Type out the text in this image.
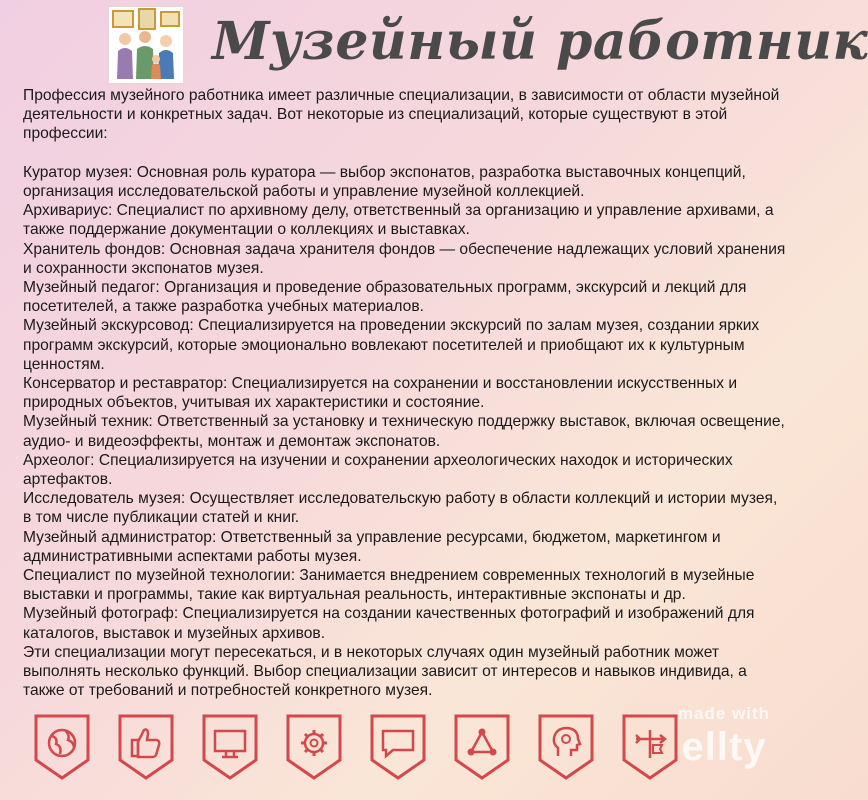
Музейный работник

Профессия музейного работника имеет различные специализации, в зависимости от области музейной деятельности и конкретных задач. Вот некоторые из специализаций, которые существуют в этой профессии:

Куратор музея: Основная роль куратора — выбор экспонатов, разработка выставочных концепций, организация исследовательской работы и управление музейной коллекцией.

Архивариус: Специалист по архивному делу, ответственный за организацию и управление архивами, а также поддержание документации о коллекциях и выставках.

Хранитель фондов: Основная задача хранителя фондов — обеспечение надлежащих условий хранения и сохранности экспонатов музея.

Музейный педагог: Организация и проведение образовательных программ, экскурсий и лекций для посетителей, а также разработка учебных материалов.

Музейный экскурсовод: Специализируется на проведении экскурсий по залам музея, создании ярких программ экскурсий, которые эмоционально вовлекают посетителей и приобщают их к культурным ценностям.

Консерватор и реставратор: Специализируется на сохранении и восстановлении искусственных и природных объектов, учитывая их характеристики и состояние.

Музейный техник: Ответственный за установку и техническую поддержку выставок, включая освещение, аудио- и видеоэффекты, монтаж и демонтаж экспонатов.

Археолог: Специализируется на изучении и сохранении археологических находок и исторических артефактов.

Исследователь музея: Осуществляет исследовательскую работу в области коллекций и истории музея, в том числе публикации статей и книг.

Музейный администратор: Ответственный за управление ресурсами, бюджетом, маркетингом и административными аспектами работы музея.

Специалист по музейной технологии: Занимается внедрением современных технологий в музейные выставки и программы, такие как виртуальная реальность, интерактивные экспонаты и др.

Музейный фотограф: Специализируется на создании качественных фотографий и изображений для каталогов, выставок и музейных архивов.

Эти специализации могут пересекаться, и в некоторых случаях один музейный работник может выполнять несколько функций. Выбор специализации зависит от интересов и навыков индивида, а также от требований и потребностей конкретного музея.

made with
ellty
